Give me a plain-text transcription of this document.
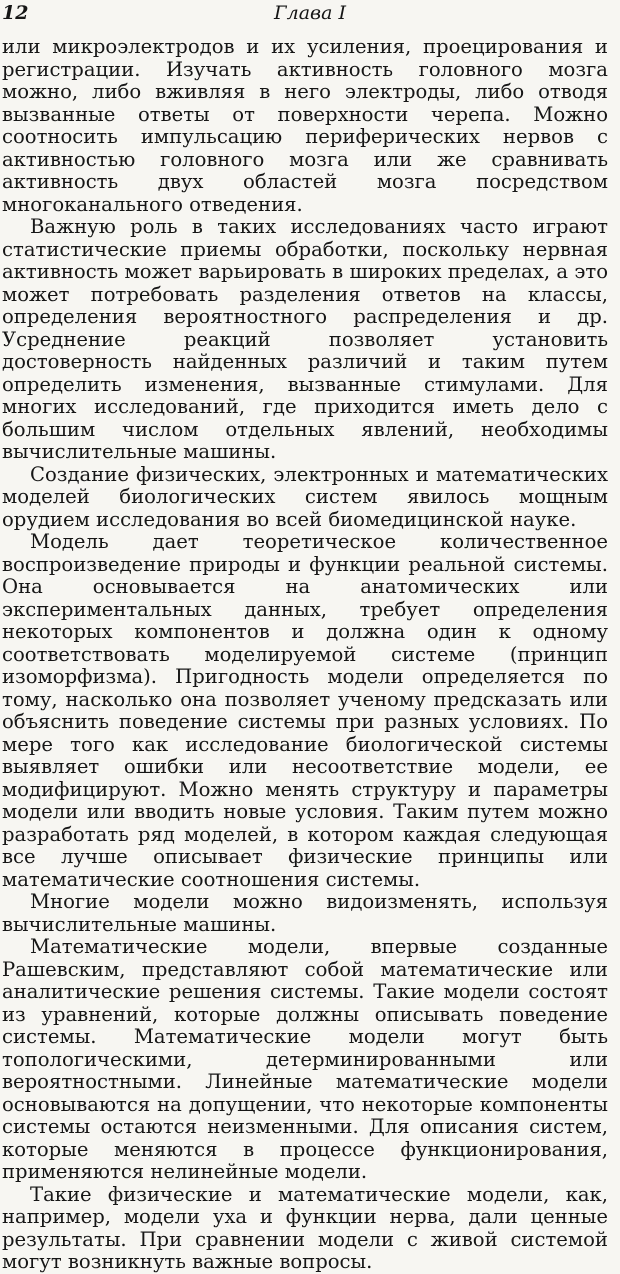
12	Глава I

или микроэлектродов и их усиления, проецирования и регистрации. Изучать активность головного мозга можно, либо вживляя в него электроды, либо отводя вызванные ответы от поверхности черепа. Можно соотносить импульсацию периферических нервов с активностью головного мозга или же сравнивать активность двух областей мозга посредством многоканального отведения.

Важную роль в таких исследованиях часто играют статистические приемы обработки, поскольку нервная активность может варьировать в широких пределах, а это может потребовать разделения ответов на классы, определения вероятностного распределения и др. Усреднение реакций позволяет установить достоверность найденных различий и таким путем определить изменения, вызванные стимулами. Для многих исследований, где приходится иметь дело с большим числом отдельных явлений, необходимы вычислительные машины.

Создание физических, электронных и математических моделей биологических систем явилось мощным орудием исследования во всей биомедицинской науке.

Модель дает теоретическое количественное воспроизведение природы и функции реальной системы. Она основывается на анатомических или экспериментальных данных, требует определения некоторых компонентов и должна один к одному соответствовать моделируемой системе (принцип изоморфизма). Пригодность модели определяется по тому, насколько она позволяет ученому предсказать или объяснить поведение системы при разных условиях. По мере того как исследование биологической системы выявляет ошибки или несоответствие модели, ее модифицируют. Можно менять структуру и параметры модели или вводить новые условия. Таким путем можно разработать ряд моделей, в котором каждая следующая все лучше описывает физические принципы или математические соотношения системы.

Многие модели можно видоизменять, используя вычислительные машины.

Математические модели, впервые созданные Рашевским, представляют собой математические или аналитические решения системы. Такие модели состоят из уравнений, которые должны описывать поведение системы. Математические модели могут быть топологическими, детерминированными или вероятностными. Линейные математические модели основываются на допущении, что некоторые компоненты системы остаются неизменными. Для описания систем, которые меняются в процессе функционирования, применяются нелинейные модели.

Такие физические и математические модели, как, например, модели уха и функции нерва, дали ценные результаты. При сравнении модели с живой системой могут возникнуть важные вопросы.
